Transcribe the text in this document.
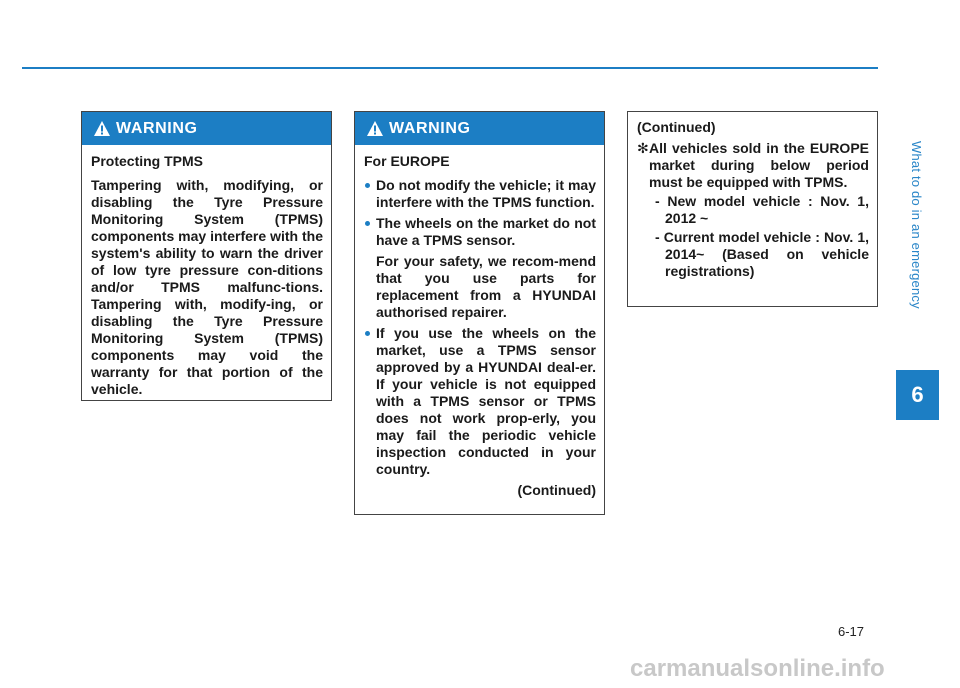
What to do in an emergency
6
WARNING

Protecting TPMS

Tampering with, modifying, or disabling the Tyre Pressure Monitoring System (TPMS) components may interfere with the system's ability to warn the driver of low tyre pressure con-ditions and/or TPMS malfunc-tions. Tampering with, modify-ing, or disabling the Tyre Pressure Monitoring System (TPMS) components may void the warranty for that portion of the vehicle.

WARNING

For EUROPE

Do not modify the vehicle; it may interfere with the TPMS function.
The wheels on the market do not have a TPMS sensor.
For your safety, we recom-mend that you use parts for replacement from a HYUNDAI authorised repairer.
If you use the wheels on the market, use a TPMS sensor approved by a HYUNDAI deal-er. If your vehicle is not equipped with a TPMS sensor or TPMS does not work prop-erly, you may fail the periodic vehicle inspection conducted in your country.
(Continued)

(Continued)

✻ All vehicles sold in the EUROPE market during below period must be equipped with TPMS.
- New model vehicle : Nov. 1, 2012 ~
- Current model vehicle : Nov. 1, 2014~ (Based on vehicle registrations)
6-17
carmanualsonline.info
